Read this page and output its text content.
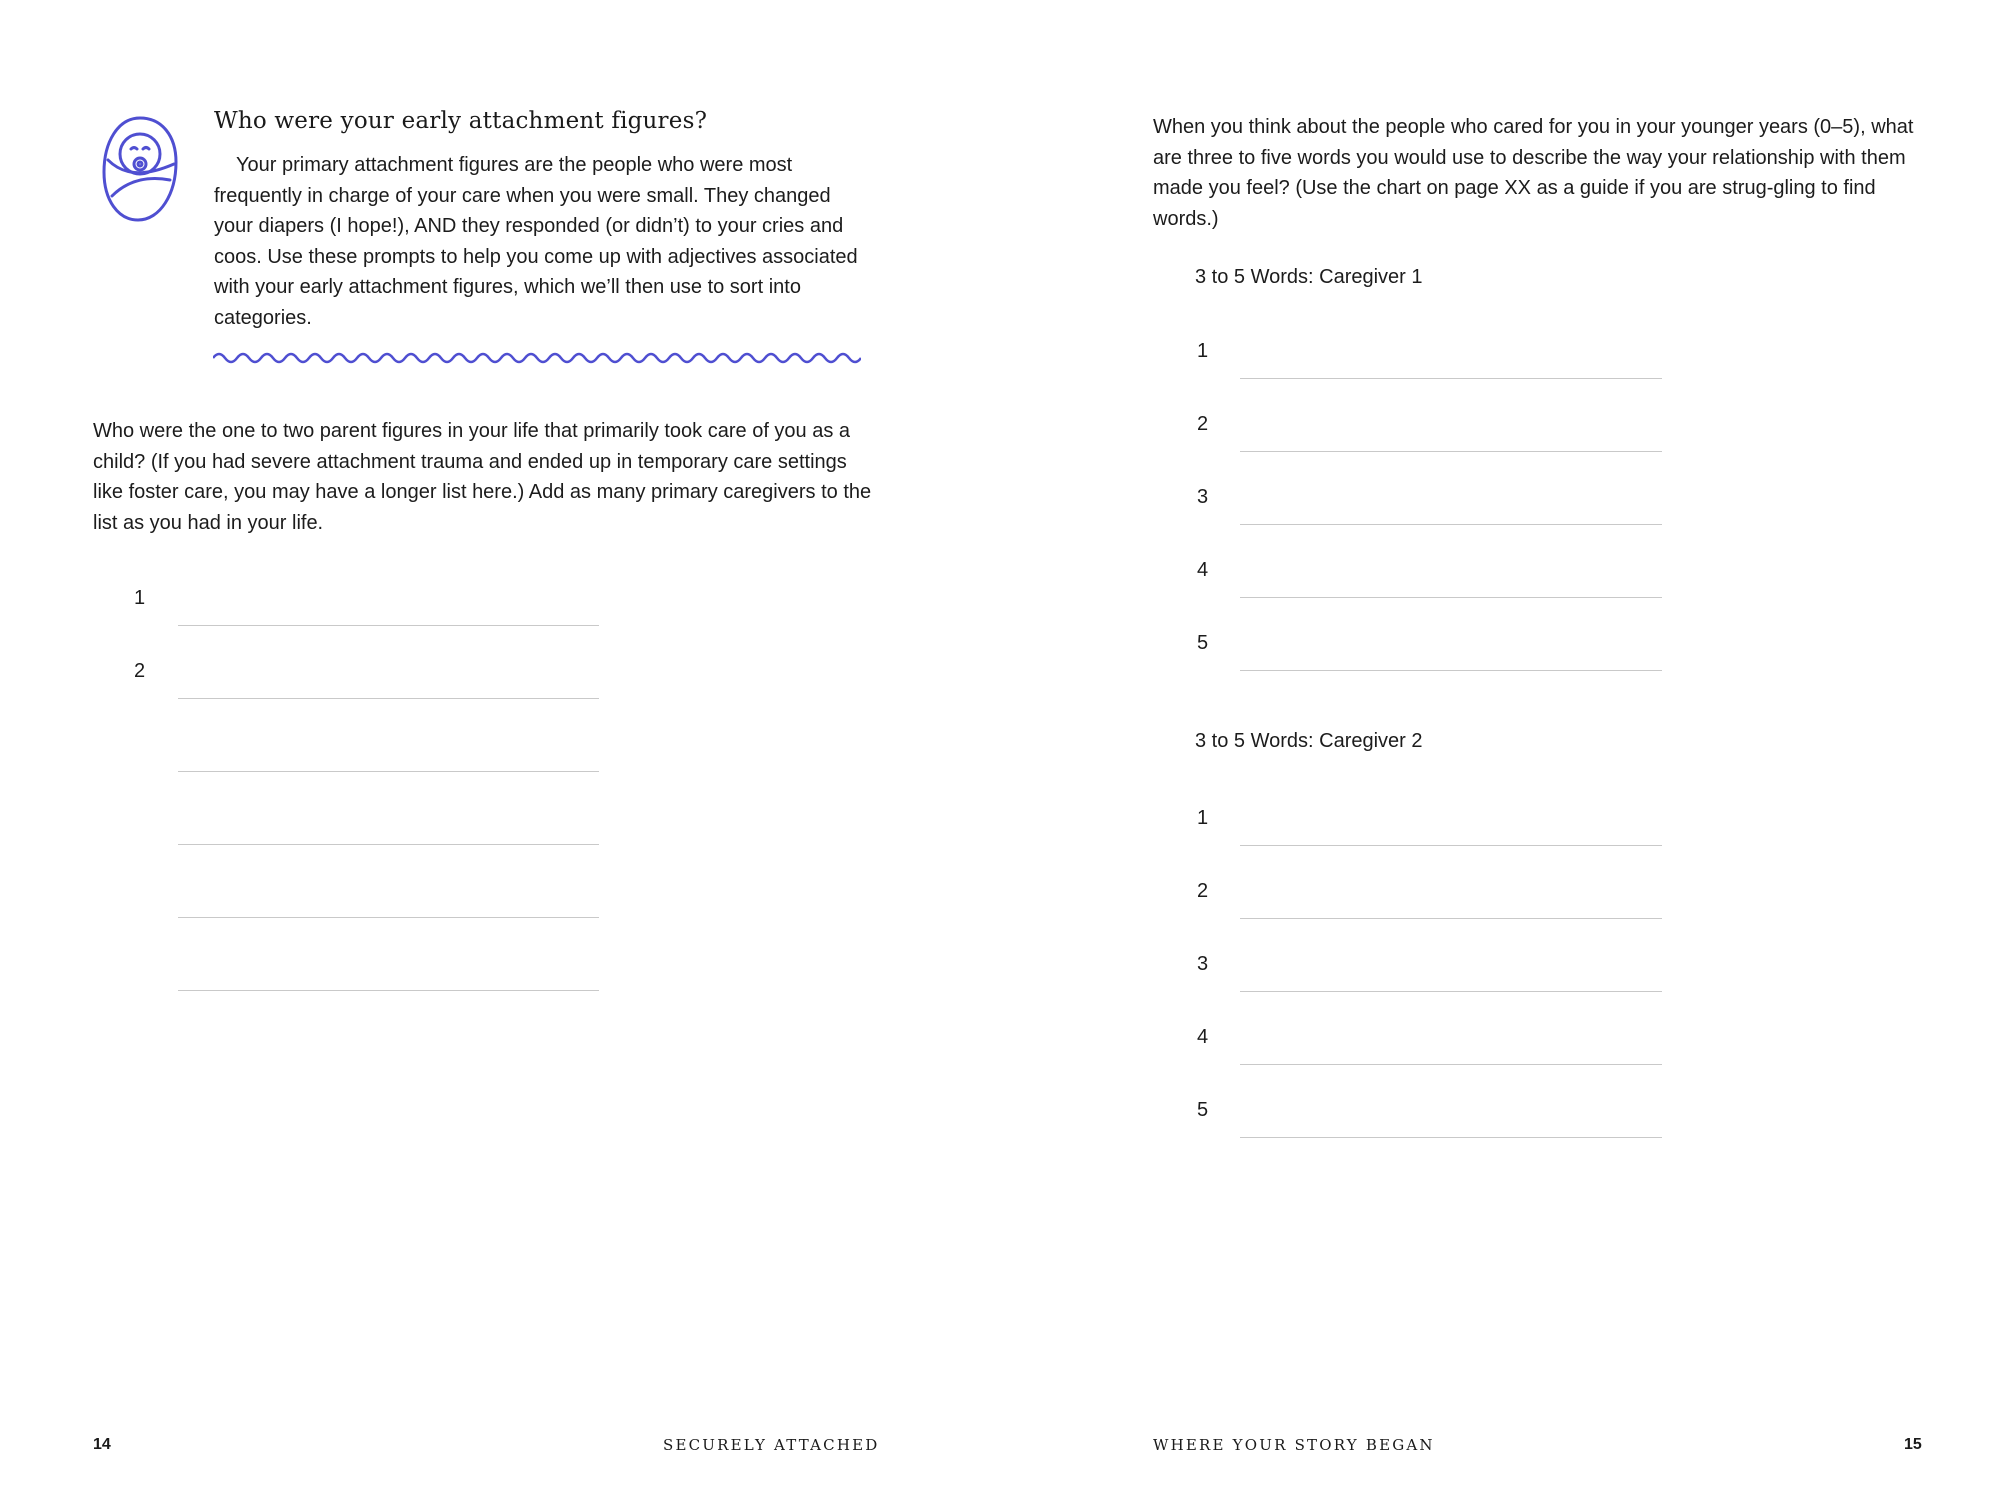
Who were your early attachment figures?

Your primary attachment figures are the people who were most frequently in charge of your care when you were small. They changed your diapers (I hope!), AND they responded (or didn’t) to your cries and coos. Use these prompts to help you come up with adjectives associated with your early attachment figures, which we’ll then use to sort into categories.

Who were the one to two parent figures in your life that primarily took care of you as a child? (If you had severe attachment trauma and ended up in temporary care settings like foster care, you may have a longer list here.) Add as many primary caregivers to the list as you had in your life.

1
2

14	SECURELY ATTACHED

When you think about the people who cared for you in your younger years (0–5), what are three to five words you would use to describe the way your relationship with them made you feel? (Use the chart on page XX as a guide if you are strug-gling to find words.)

3 to 5 Words: Caregiver 1
1
2
3
4
5
3 to 5 Words: Caregiver 2
1
2
3
4
5

WHERE YOUR STORY BEGAN	15
